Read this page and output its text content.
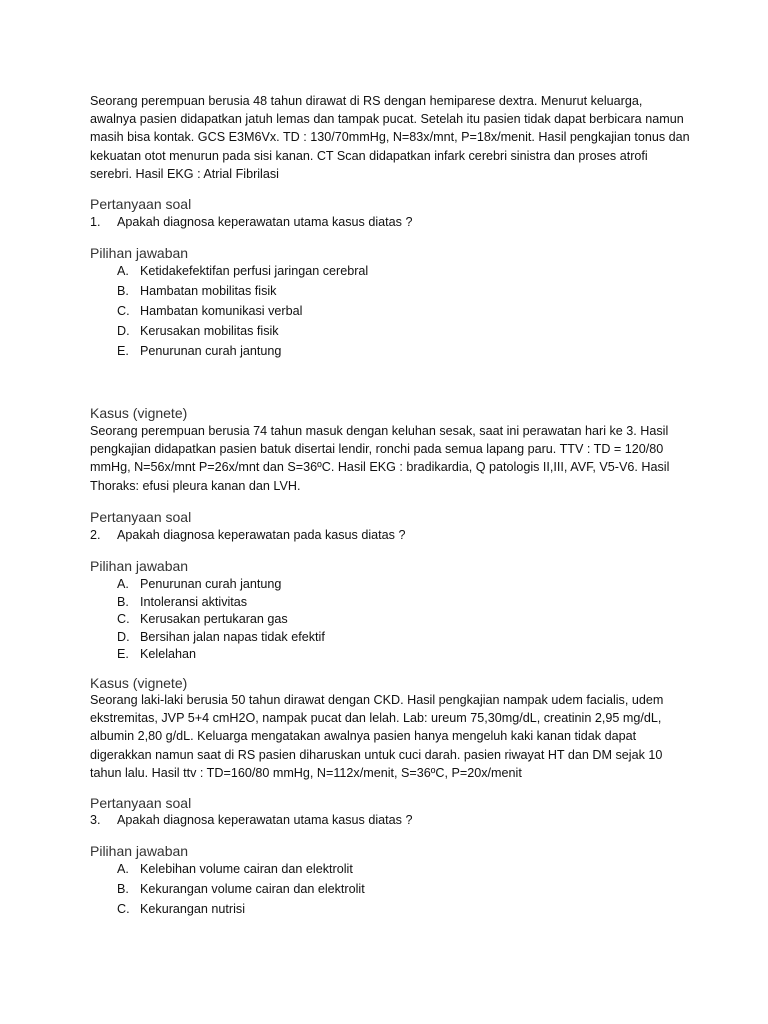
Seorang perempuan berusia 48 tahun dirawat di RS dengan hemiparese dextra. Menurut keluarga, awalnya pasien didapatkan jatuh lemas dan tampak pucat. Setelah itu pasien tidak dapat berbicara namun masih bisa kontak. GCS E3M6Vx. TD : 130/70mmHg, N=83x/mnt, P=18x/menit. Hasil pengkajian tonus dan kekuatan otot menurun pada sisi kanan. CT Scan didapatkan infark cerebri sinistra dan proses atrofi serebri. Hasil EKG : Atrial Fibrilasi
Pertanyaan soal
1. Apakah diagnosa keperawatan utama kasus diatas ?
Pilihan jawaban
A. Ketidakefektifan perfusi jaringan cerebral
B. Hambatan mobilitas fisik
C. Hambatan komunikasi verbal
D. Kerusakan mobilitas fisik
E. Penurunan curah jantung
Kasus (vignete)
Seorang perempuan berusia 74 tahun masuk dengan keluhan sesak, saat ini perawatan hari ke 3. Hasil pengkajian didapatkan pasien batuk disertai lendir, ronchi pada semua lapang paru. TTV : TD = 120/80 mmHg, N=56x/mnt P=26x/mnt dan S=36ºC. Hasil EKG : bradikardia, Q patologis II,III, AVF, V5-V6. Hasil Thoraks: efusi pleura kanan dan LVH.
Pertanyaan soal
2. Apakah diagnosa keperawatan pada kasus diatas ?
Pilihan jawaban
A. Penurunan curah jantung
B. Intoleransi aktivitas
C. Kerusakan pertukaran gas
D. Bersihan jalan napas tidak efektif
E. Kelelahan
Kasus (vignete)
Seorang laki-laki berusia 50 tahun dirawat dengan CKD. Hasil pengkajian nampak udem facialis, udem ekstremitas, JVP 5+4 cmH2O, nampak pucat dan lelah. Lab: ureum 75,30mg/dL, creatinin 2,95 mg/dL, albumin 2,80 g/dL. Keluarga mengatakan awalnya pasien hanya mengeluh kaki kanan tidak dapat digerakkan namun saat di RS pasien diharuskan untuk cuci darah. pasien riwayat HT dan DM sejak 10 tahun lalu. Hasil ttv : TD=160/80 mmHg, N=112x/menit, S=36ºC, P=20x/menit
Pertanyaan soal
3. Apakah diagnosa keperawatan utama kasus diatas ?
Pilihan jawaban
A. Kelebihan volume cairan dan elektrolit
B. Kekurangan volume cairan dan elektrolit
C. Kekurangan nutrisi
